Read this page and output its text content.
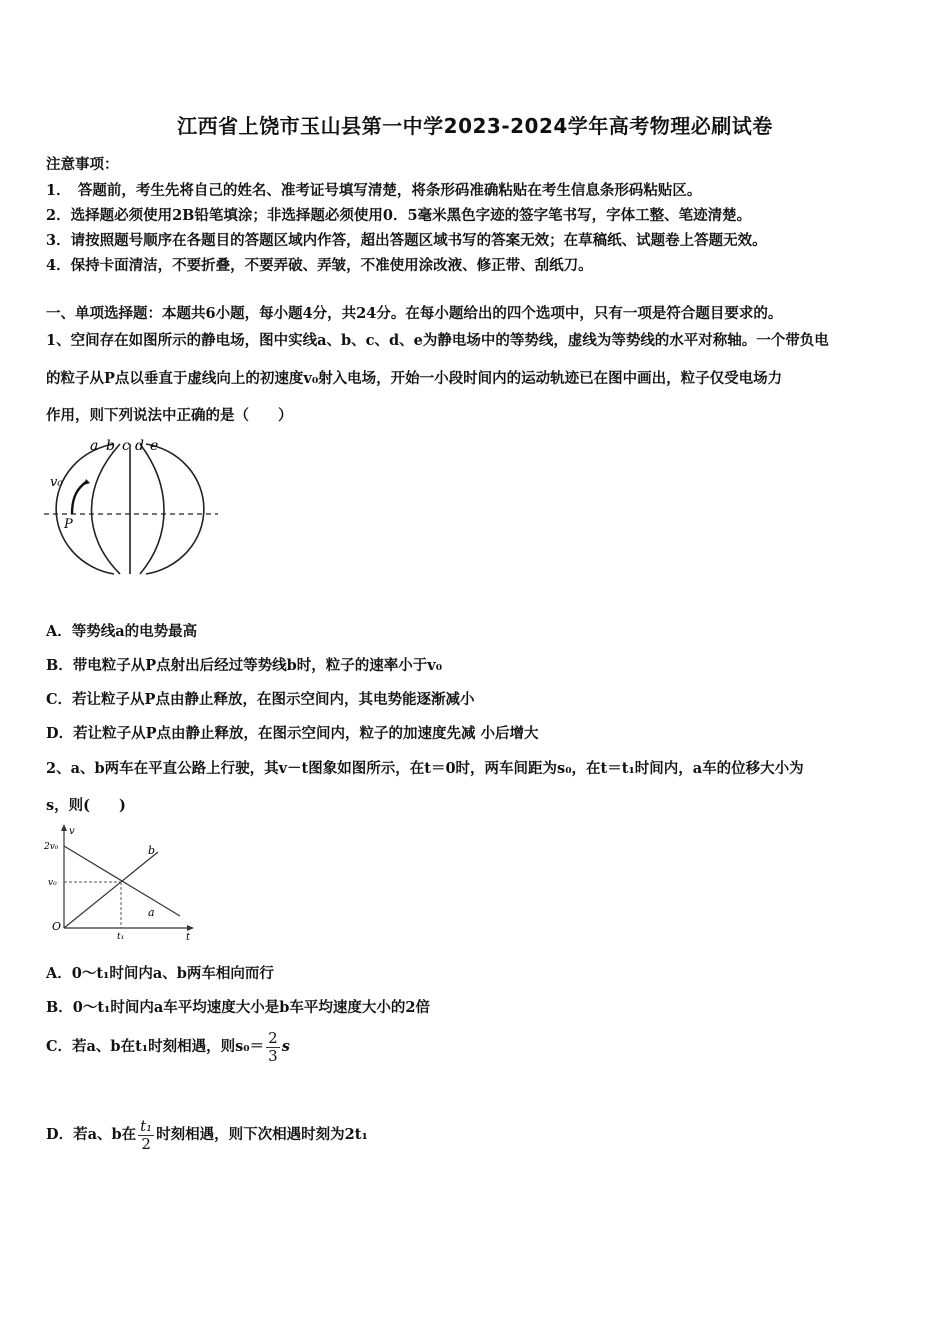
江西省上饶市玉山县第一中学2023-2024学年高考物理必刷试卷
注意事项：
1．　答题前，考生先将自己的姓名、准考证号填写清楚，将条形码准确粘贴在考生信息条形码粘贴区。
2．选择题必须使用2B铅笔填涂；非选择题必须使用0．5毫米黑色字迹的签字笔书写，字体工整、笔迹清楚。
3．请按照题号顺序在各题目的答题区域内作答，超出答题区域书写的答案无效；在草稿纸、试题卷上答题无效。
4．保持卡面清洁，不要折叠，不要弄破、弄皱，不准使用涂改液、修正带、刮纸刀。
一、单项选择题：本题共6小题，每小题4分，共24分。在每小题给出的四个选项中，只有一项是符合题目要求的。
1、空间存在如图所示的静电场，图中实线a、b、c、d、e为静电场中的等势线，虚线为等势线的水平对称轴。一个带负电
的粒子从P点以垂直于虚线向上的初速度v₀射入电场，开始一小段时间内的运动轨迹已在图中画出，粒子仅受电场力
作用，则下列说法中正确的是（　　）
a b c d e
v₀
P
A．等势线a的电势最高
B．带电粒子从P点射出后经过等势线b时，粒子的速率小于v₀
C．若让粒子从P点由静止释放，在图示空间内，其电势能逐渐减小
D．若让粒子从P点由静止释放，在图示空间内，粒子的加速度先减 小后增大
2、a、b两车在平直公路上行驶，其v－t图象如图所示，在t＝0时，两车间距为s₀，在t＝t₁时间内，a车的位移大小为
s，则(　　)
v
t
2v₀
v₀
O
t₁
b
a
A．0～t₁时间内a、b两车相向而行
B．0～t₁时间内a车平均速度大小是b车平均速度大小的2倍
C．若a、b在t₁时刻相遇，则$s_0= \frac{2}{3}$ s
D．若a、b在 $\frac{\text{t₁}}{2}$ 时刻相遇，则下次相遇时刻为2t₁
